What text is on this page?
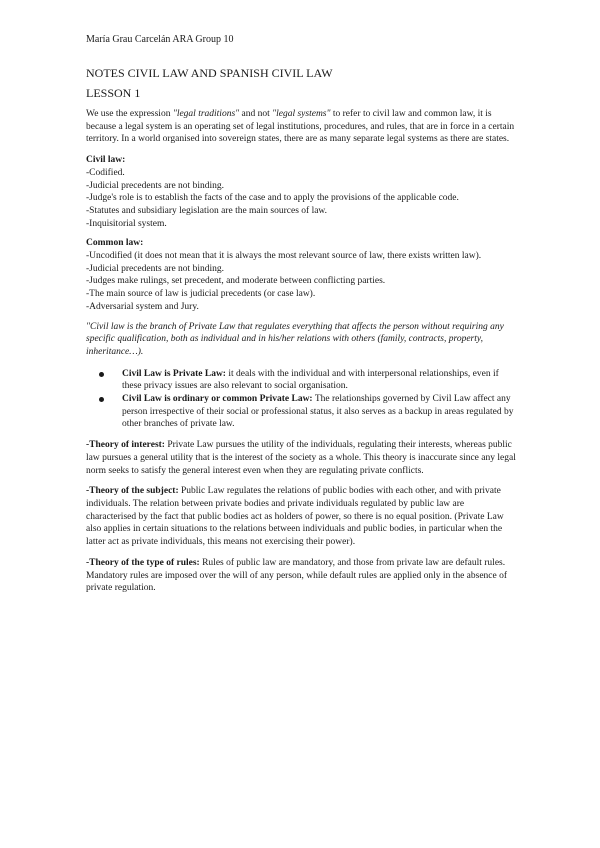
María Grau Carcelán ARA Group 10
NOTES CIVIL LAW AND SPANISH CIVIL LAW
LESSON 1

We use the expression "legal traditions" and not "legal systems" to refer to civil law and common law, it is because a legal system is an operating set of legal institutions, procedures, and rules, that are in force in a certain territory. In a world organised into sovereign states, there are as many separate legal systems as there are states.

Civil law:
-Codified.
-Judicial precedents are not binding.
-Judge's role is to establish the facts of the case and to apply the provisions of the applicable code.
-Statutes and subsidiary legislation are the main sources of law.
-Inquisitorial system.
Common law:
-Uncodified (it does not mean that it is always the most relevant source of law, there exists written law).
-Judicial precedents are not binding.
-Judges make rulings, set precedent, and moderate between conflicting parties.
-The main source of law is judicial precedents (or case law).
-Adversarial system and Jury.
"Civil law is the branch of Private Law that regulates everything that affects the person without requiring any specific qualification, both as individual and in his/her relations with others (family, contracts, property, inheritance…).
Civil Law is Private Law: it deals with the individual and with interpersonal relationships, even if these privacy issues are also relevant to social organisation.
Civil Law is ordinary or common Private Law: The relationships governed by Civil Law affect any person irrespective of their social or professional status, it also serves as a backup in areas regulated by other branches of private law.

-Theory of interest: Private Law pursues the utility of the individuals, regulating their interests, whereas public law pursues a general utility that is the interest of the society as a whole. This theory is inaccurate since any legal norm seeks to satisfy the general interest even when they are regulating private conflicts.

-Theory of the subject: Public Law regulates the relations of public bodies with each other, and with private individuals. The relation between private bodies and private individuals regulated by public law are characterised by the fact that public bodies act as holders of power, so there is no equal position. (Private Law also applies in certain situations to the relations between individuals and public bodies, in particular when the latter act as private individuals, this means not exercising their power).

-Theory of the type of rules: Rules of public law are mandatory, and those from private law are default rules. Mandatory rules are imposed over the will of any person, while default rules are applied only in the absence of private regulation.
